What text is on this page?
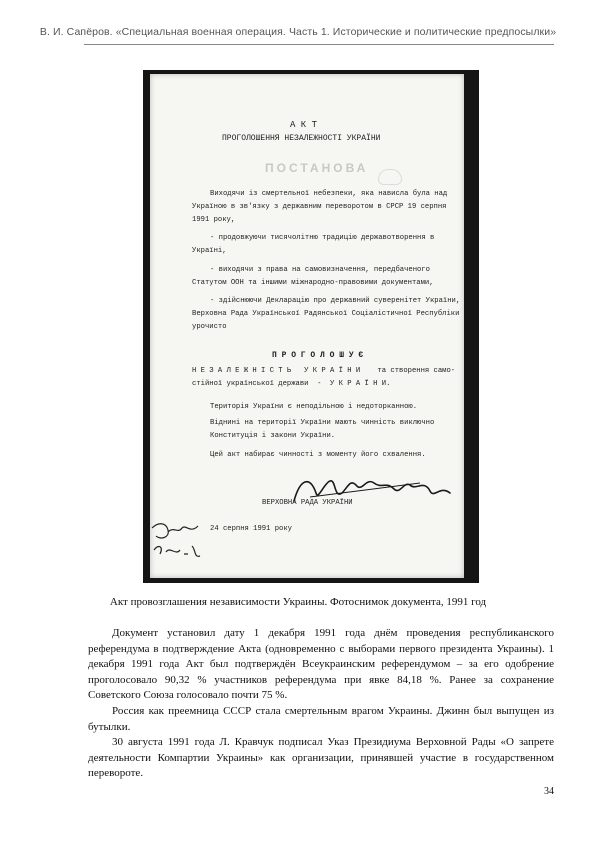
В. И. Сапёров. «Специальная военная операция. Часть 1. Исторические и политические предпосылки»
А К Т
ПРОГОЛОШЕННЯ НЕЗАЛЕЖНОСТІ УКРАЇНИ
ПОСТАНОВА
Виходячи із смертельної небезпеки, яка нависла була над
Україною в зв'язку з державним переворотом в СРСР 19 серпня
1991 року,
- продовжуючи тисячолітню традицію державотворення в
Україні,
- виходячи з права на самовизначення, передбаченого
Статутом ООН та іншими міжнародно-правовими документами,
- здійснюючи Декларацію про державний суверенітет України,
Верховна Рада Української Радянської Соціалістичної Республіки
урочисто
П Р О Г О Л О Ш У Є
Н Е З А Л Е Ж Н І С Т Ь   У К Р А Ї Н И    та створення само-
стійної української держави  -  У К Р А Ї Н И.
Територія України є неподільною і недоторканною.
Віднині на території України мають чинність виключно
Конституція і закони України.
Цей акт набирає чинності з моменту його схвалення.
ВЕРХОВНА РАДА УКРАЇНИ
24 серпня 1991 року
Акт провозглашения независимости Украины. Фотоснимок документа, 1991 год

Документ установил дату 1 декабря 1991 года днём проведения республиканского референдума в подтверждение Акта (одновременно с выборами первого президента Украины). 1 декабря 1991 года Акт был подтверждён Всеукраинским референдумом – за его одобрение проголосовало 90,32 % участников референдума при явке 84,18 %. Ранее за сохранение Советского Союза голосовало почти 75 %.

Россия как преемница СССР стала смертельным врагом Украины. Джинн был выпущен из бутылки.

30 августа 1991 года Л. Кравчук подписал Указ Президиума Верховной Рады «О запрете деятельности Компартии Украины» как организации, принявшей участие в государственном перевороте.

34
